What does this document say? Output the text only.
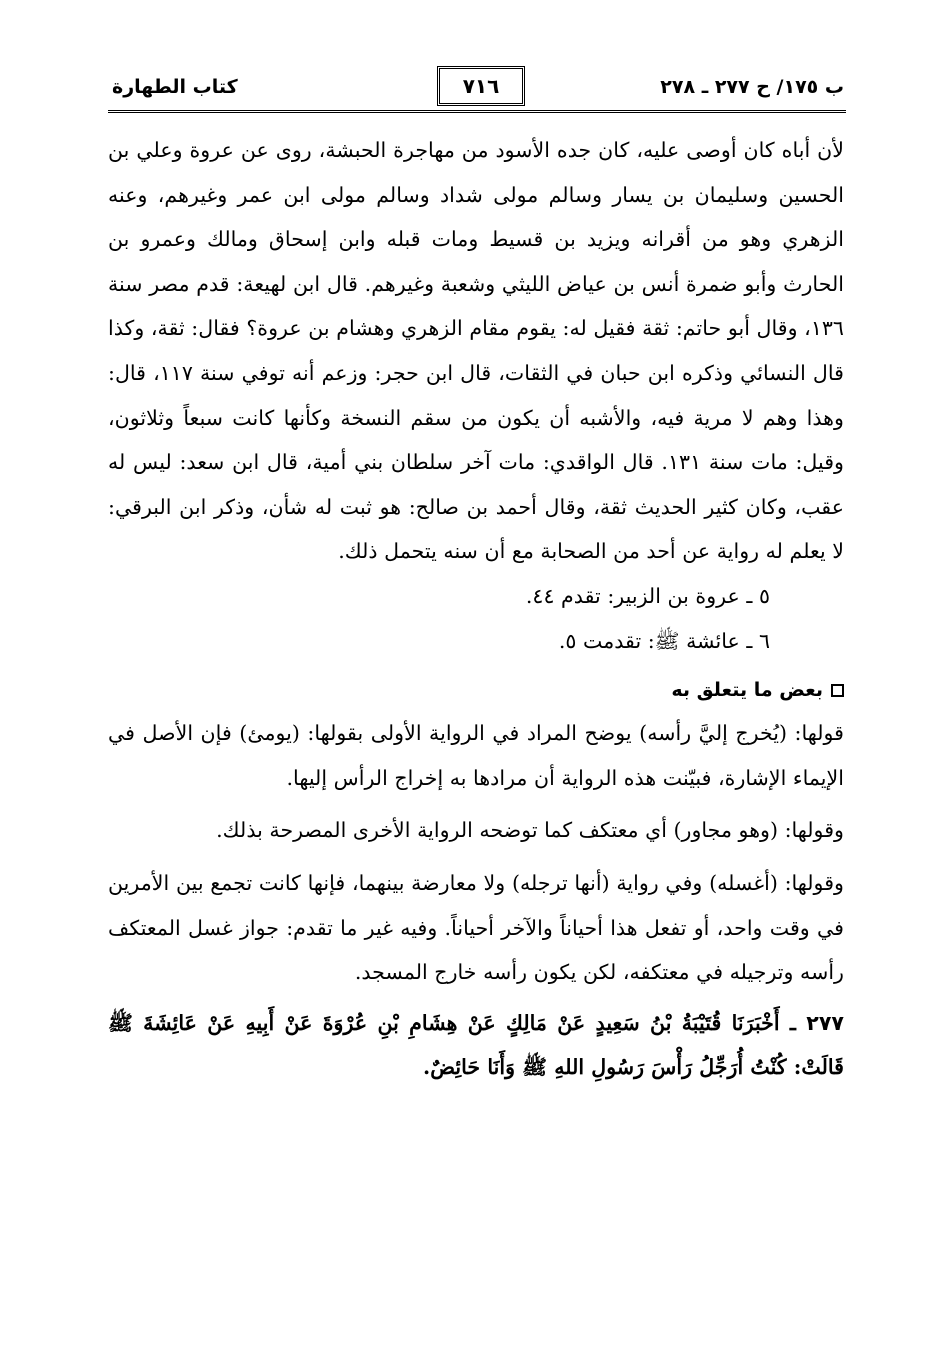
ب ١٧٥/ ح ٢٧٧ ـ ٢٧٨
٧١٦
كتاب الطهارة

لأن أباه كان أوصى عليه، كان جده الأسود من مهاجرة الحبشة، روى عن عروة وعلي بن الحسين وسليمان بن يسار وسالم مولى شداد وسالم مولى ابن عمر وغيرهم، وعنه الزهري وهو من أقرانه ويزيد بن قسيط ومات قبله وابن إسحاق ومالك وعمرو بن الحارث وأبو ضمرة أنس بن عياض الليثي وشعبة وغيرهم. قال ابن لهيعة: قدم مصر سنة ١٣٦، وقال أبو حاتم: ثقة فقيل له: يقوم مقام الزهري وهشام بن عروة؟ فقال: ثقة، وكذا قال النسائي وذكره ابن حبان في الثقات، قال ابن حجر: وزعم أنه توفي سنة ١١٧، قال: وهذا وهم لا مرية فيه، والأشبه أن يكون من سقم النسخة وكأنها كانت سبعاً وثلاثون، وقيل: مات سنة ١٣١. قال الواقدي: مات آخر سلطان بني أمية، قال ابن سعد: ليس له عقب، وكان كثير الحديث ثقة، وقال أحمد بن صالح: هو ثبت له شأن، وذكر ابن البرقي: لا يعلم له رواية عن أحد من الصحابة مع أن سنه يتحمل ذلك.

٥ ـ عروة بن الزبير: تقدم ٤٤.

٦ ـ عائشة ﷺ: تقدمت ٥.

بعض ما يتعلق به

قولها: (يُخرج إليَّ رأسه) يوضح المراد في الرواية الأولى بقولها: (يومئ) فإن الأصل في الإيماء الإشارة، فبيّنت هذه الرواية أن مرادها به إخراج الرأس إليها.

وقولها: (وهو مجاور) أي معتكف كما توضحه الرواية الأخرى المصرحة بذلك.

وقولها: (أغسله) وفي رواية (أنها ترجله) ولا معارضة بينهما، فإنها كانت تجمع بين الأمرين في وقت واحد، أو تفعل هذا أحياناً والآخر أحياناً. وفيه غير ما تقدم: جواز غسل المعتكف رأسه وترجيله في معتكفه، لكن يكون رأسه خارج المسجد.

٢٧٧ ـ أَخْبَرَنَا قُتَيْبَةُ بْنُ سَعِيدٍ عَنْ مَالِكٍ عَنْ هِشَامِ بْنِ عُرْوَةَ عَنْ أَبِيهِ عَنْ عَائِشَةَ ﷺ قَالَتْ: كُنْتُ أُرَجِّلُ رَأْسَ رَسُولِ اللهِ ﷺ وَأَنَا حَائِضٌ.
